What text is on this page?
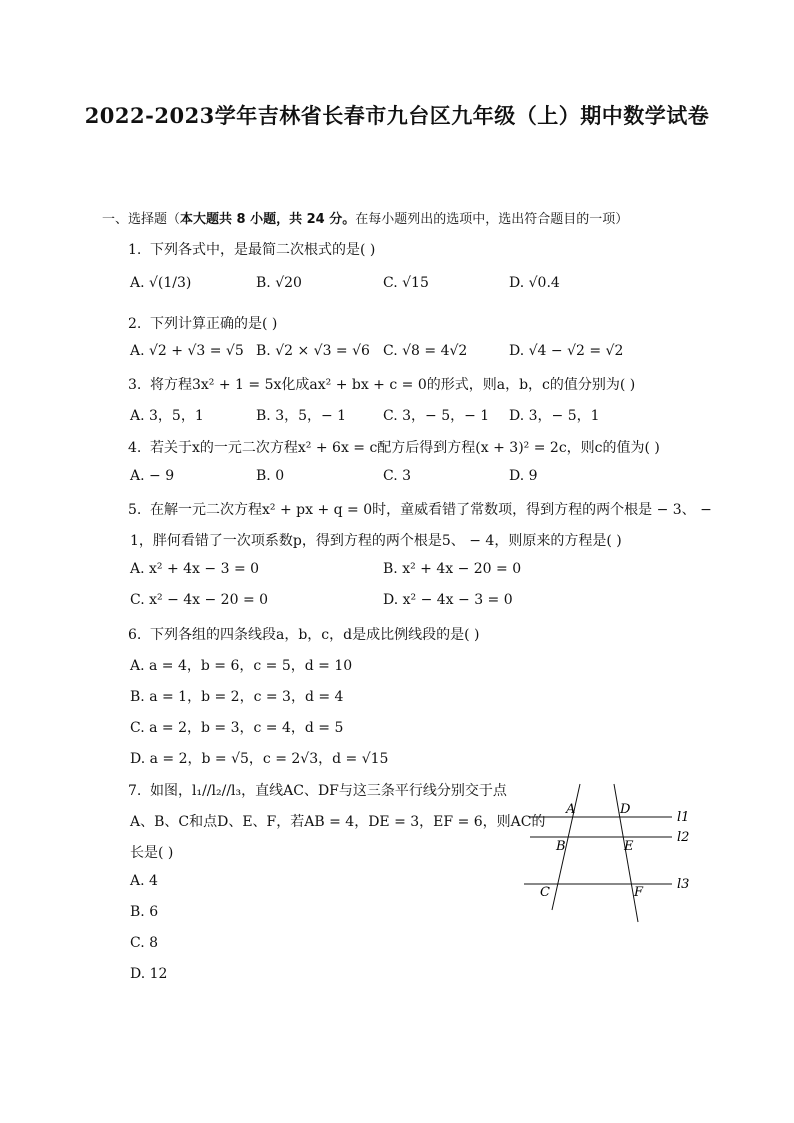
2022-2023学年吉林省长春市九台区九年级（上）期中数学试卷
一、选择题（本大题共 8 小题，共 24 分。在每小题列出的选项中，选出符合题目的一项）
1. 下列各式中，是最简二次根式的是( )
A. √(1/3)	B. √20	C. √15	D. √0.4
2. 下列计算正确的是( )
A. √2 + √3 = √5 B. √2 × √3 = √6 C. √8 = 4√2	D. √4 − √2 = √2
3. 将方程3x² + 1 = 5x化成ax² + bx + c = 0的形式，则a，b，c的值分别为( )
A. 3，5，1	B. 3，5，− 1	C. 3，− 5，− 1 D. 3，− 5，1
4. 若关于x的一元二次方程x² + 6x = c配方后得到方程(x + 3)² = 2c，则c的值为( )
A. − 9	B. 0	C. 3	D. 9
5. 在解一元二次方程x² + px + q = 0时，童威看错了常数项，得到方程的两个根是 − 3、 −
1，胖何看错了一次项系数p，得到方程的两个根是5、 − 4，则原来的方程是( )
A. x² + 4x − 3 = 0	B. x² + 4x − 20 = 0
C. x² − 4x − 20 = 0	D. x² − 4x − 3 = 0
6. 下列各组的四条线段a，b，c，d是成比例线段的是( )
A. a = 4，b = 6，c = 5，d = 10
B. a = 1，b = 2，c = 3，d = 4
C. a = 2，b = 3，c = 4，d = 5
D. a = 2，b = √5，c = 2√3，d = √15
7. 如图，l₁//l₂//l₃，直线AC、DF与这三条平行线分别交于点
A、B、C和点D、E、F，若AB = 4，DE = 3，EF = 6，则AC的
长是( )
A. 4
B. 6
C. 8
D. 12
A	D
B	E
C	F
l1
l2
l3
